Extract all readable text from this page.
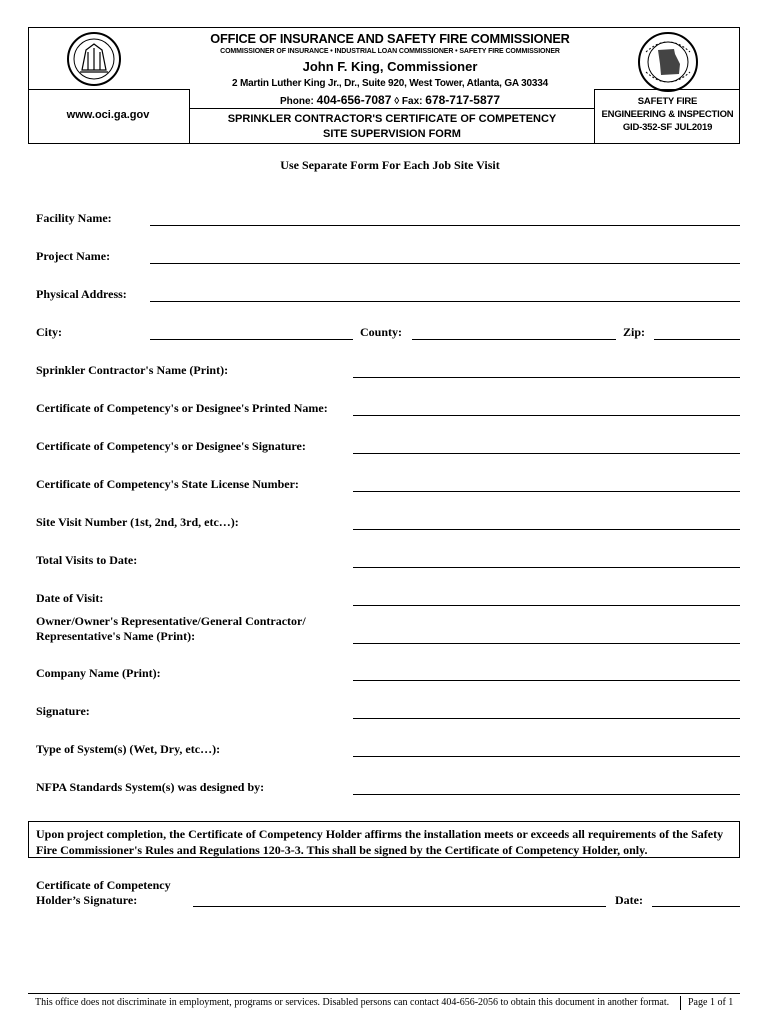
OFFICE OF INSURANCE AND SAFETY FIRE COMMISSIONER
COMMISSIONER OF INSURANCE • INDUSTRIAL LOAN COMMISSIONER • SAFETY FIRE COMMISSIONER
John F. King, Commissioner
2 Martin Luther King Jr., Dr., Suite 920, West Tower, Atlanta, GA 30334
Phone: 404-656-7087 ◊ Fax: 678-717-5877
www.oci.ga.gov	SPRINKLER CONTRACTOR'S CERTIFICATE OF COMPETENCY
SITE SUPERVISION FORM
SAFETY FIRE
ENGINEERING & INSPECTION
GID-352-SF JUL2019
Use Separate Form For Each Job Site Visit
Facility Name:
Project Name:
Physical Address:
City:	County:	Zip:
Sprinkler Contractor's Name (Print):
Certificate of Competency's or Designee's Printed Name:
Certificate of Competency's or Designee's Signature:
Certificate of Competency's State License Number:
Site Visit Number (1st, 2nd, 3rd, etc…):
Total Visits to Date:
Date of Visit:
Owner/Owner's Representative/General Contractor/
Representative's Name (Print):
Company Name (Print):
Signature:
Type of System(s) (Wet, Dry, etc…):
NFPA Standards System(s) was designed by:
Upon project completion, the Certificate of Competency Holder affirms the installation meets or exceeds all requirements of the Safety Fire Commissioner's Rules and Regulations 120-3-3. This shall be signed by the Certificate of Competency Holder, only.
Certificate of Competency
Holder’s Signature:	Date:
This office does not discriminate in employment, programs or services. Disabled persons can contact 404-656-2056 to obtain this document in another format. Page 1 of 1
